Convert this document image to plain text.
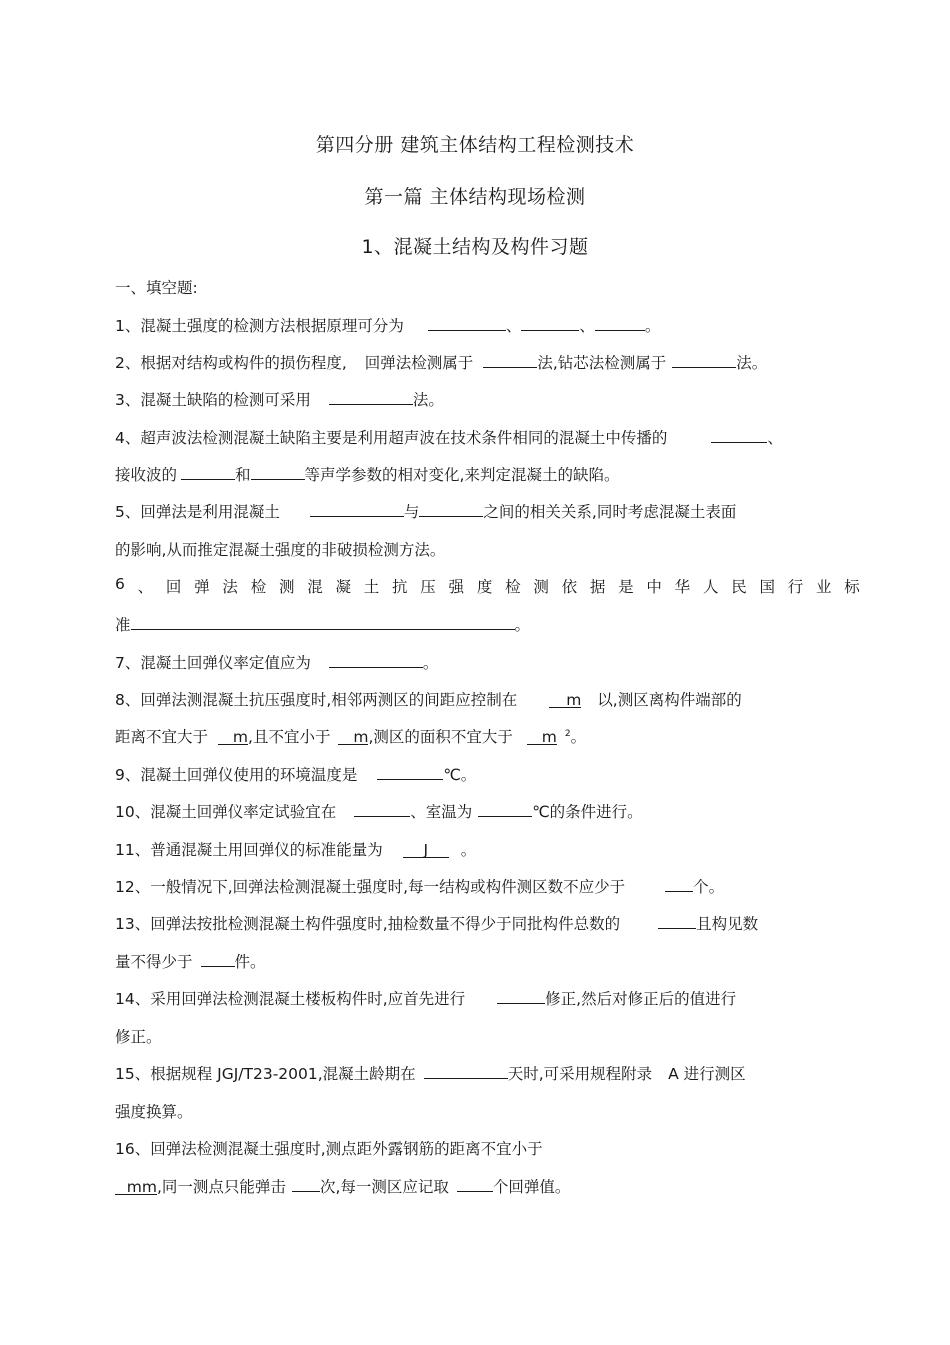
第四分册 建筑主体结构工程检测技术
第一篇 主体结构现场检测
1、混凝土结构及构件习题
一、填空题:
1、混凝土强度的检测方法根据原理可分为	、	、	。
2、根据对结构或构件的损伤程度, 回弹法检测属于	法,钻芯法检测属于	法。
3、混凝土缺陷的检测可采用	法。
4、超声波法检测混凝土缺陷主要是利用超声波在技术条件相同的混凝土中传播的	、
接收波的	和	等声学参数的相对变化,来判定混凝土的缺陷。
5、回弹法是利用混凝土	与	之间的相关关系,同时考虑混凝土表面
的影响,从而推定混凝土强度的非破损检测方法。
6 、 回 弹 法 检 测 混 凝 土 抗 压 强 度 检 测 依 据 是 中 华 人 民 国 行 业 标
准	。
7、混凝土回弹仪率定值应为	。
8、回弹法测混凝土抗压强度时,相邻两测区的间距应控制在	m 以,测区离构件端部的
距离不宜大于 m,且不宜小于 m,测区的面积不宜大于 m $^2$。
9、混凝土回弹仪使用的环境温度是	℃。
10、混凝土回弹仪率定试验宜在	、室温为	℃的条件进行。
11、普通混凝土用回弹仪的标准能量为	J 。
12、一般情况下,回弹法检测混凝土强度时,每一结构或构件测区数不应少于	个。
13、回弹法按批检测混凝土构件强度时,抽检数量不得少于同批构件总数的	且构见数
量不得少于	件。
14、采用回弹法检测混凝土楼板构件时,应首先进行	修正,然后对修正后的值进行
修正。
15、根据规程 JGJ/T23-2001,混凝土龄期在	天时,可采用规程附录 A 进行测区
强度换算。
16、回弹法检测混凝土强度时,测点距外露钢筋的距离不宜小于
mm,同一测点只能弹击 次,每一测区应记取	个回弹值。
